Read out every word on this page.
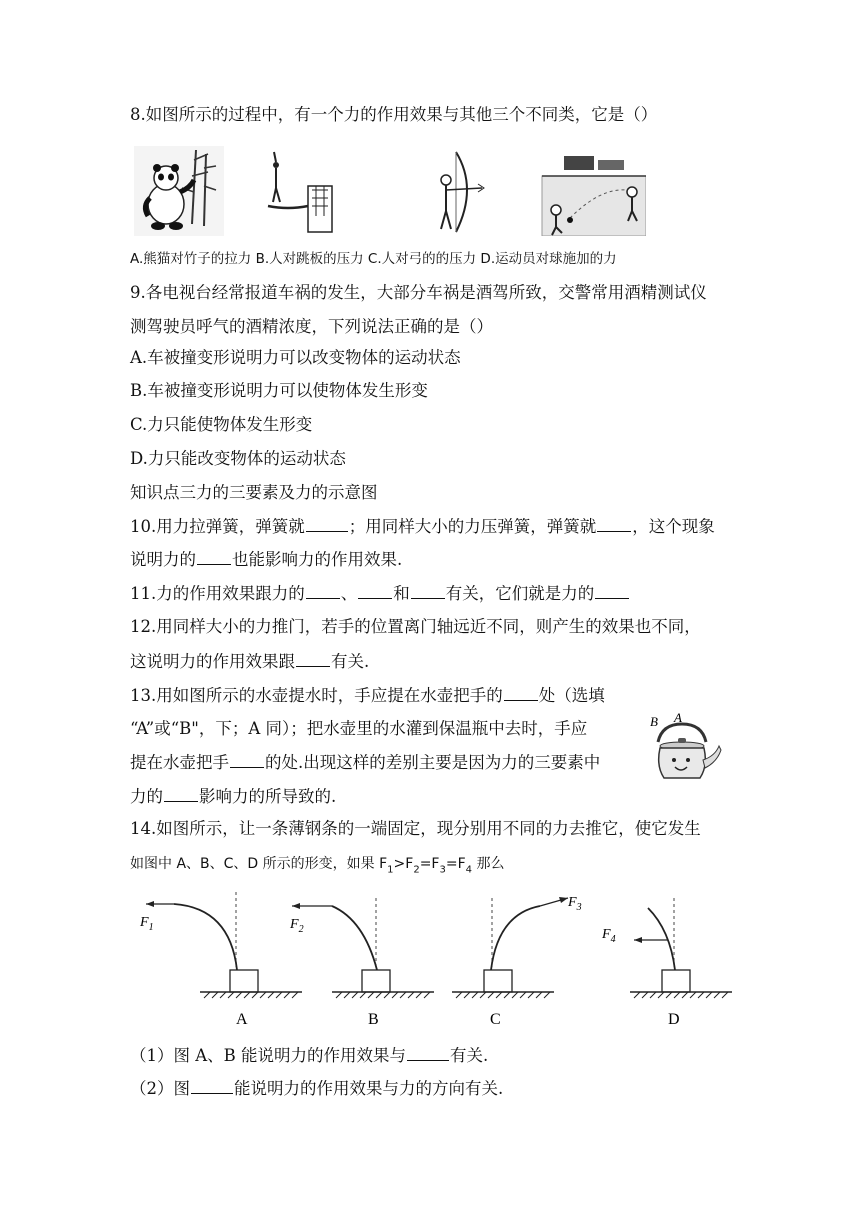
8.如图所示的过程中，有一个力的作用效果与其他三个不同类，它是（）
A.熊猫对竹子的拉力 B.人对跳板的压力 C.人对弓的的压力 D.运动员对球施加的力
9.各电视台经常报道车祸的发生，大部分车祸是酒驾所致，交警常用酒精测试仪
测驾驶员呼气的酒精浓度，下列说法正确的是（）
A.车被撞变形说明力可以改变物体的运动状态
B.车被撞变形说明力可以使物体发生形变
C.力只能使物体发生形变
D.力只能改变物体的运动状态
知识点三力的三要素及力的示意图
10.用力拉弹簧，弹簧就	；用同样大小的力压弹簧，弹簧就 ，这个现象
说明力的 也能影响力的作用效果.
11.力的作用效果跟力的 、 和 有关，它们就是力的
12.用同样大小的力推门，若手的位置离门轴远近不同，则产生的效果也不同，
这说明力的作用效果跟 有关.
13.用如图所示的水壶提水时，手应提在水壶把手的 处（选填
“A”或“B"，下；A 同）；把水壶里的水灌到保温瓶中去时，手应
提在水壶把手 的处.出现这样的差别主要是因为力的三要素中
力的 影响力的所导致的.
B A
14.如图所示，让一条薄钢条的一端固定，现分别用不同的力去推它，使它发生
如图中 A、B、C、D 所示的形变，如果 $F_1>F_2=F_3=F_4$ 那么
$F_1$
A
$F_2$
B
$F_3$
C
$F_4$
D
（1）图 A、B 能说明力的作用效果与	有关.
（2）图	能说明力的作用效果与力的方向有关.
